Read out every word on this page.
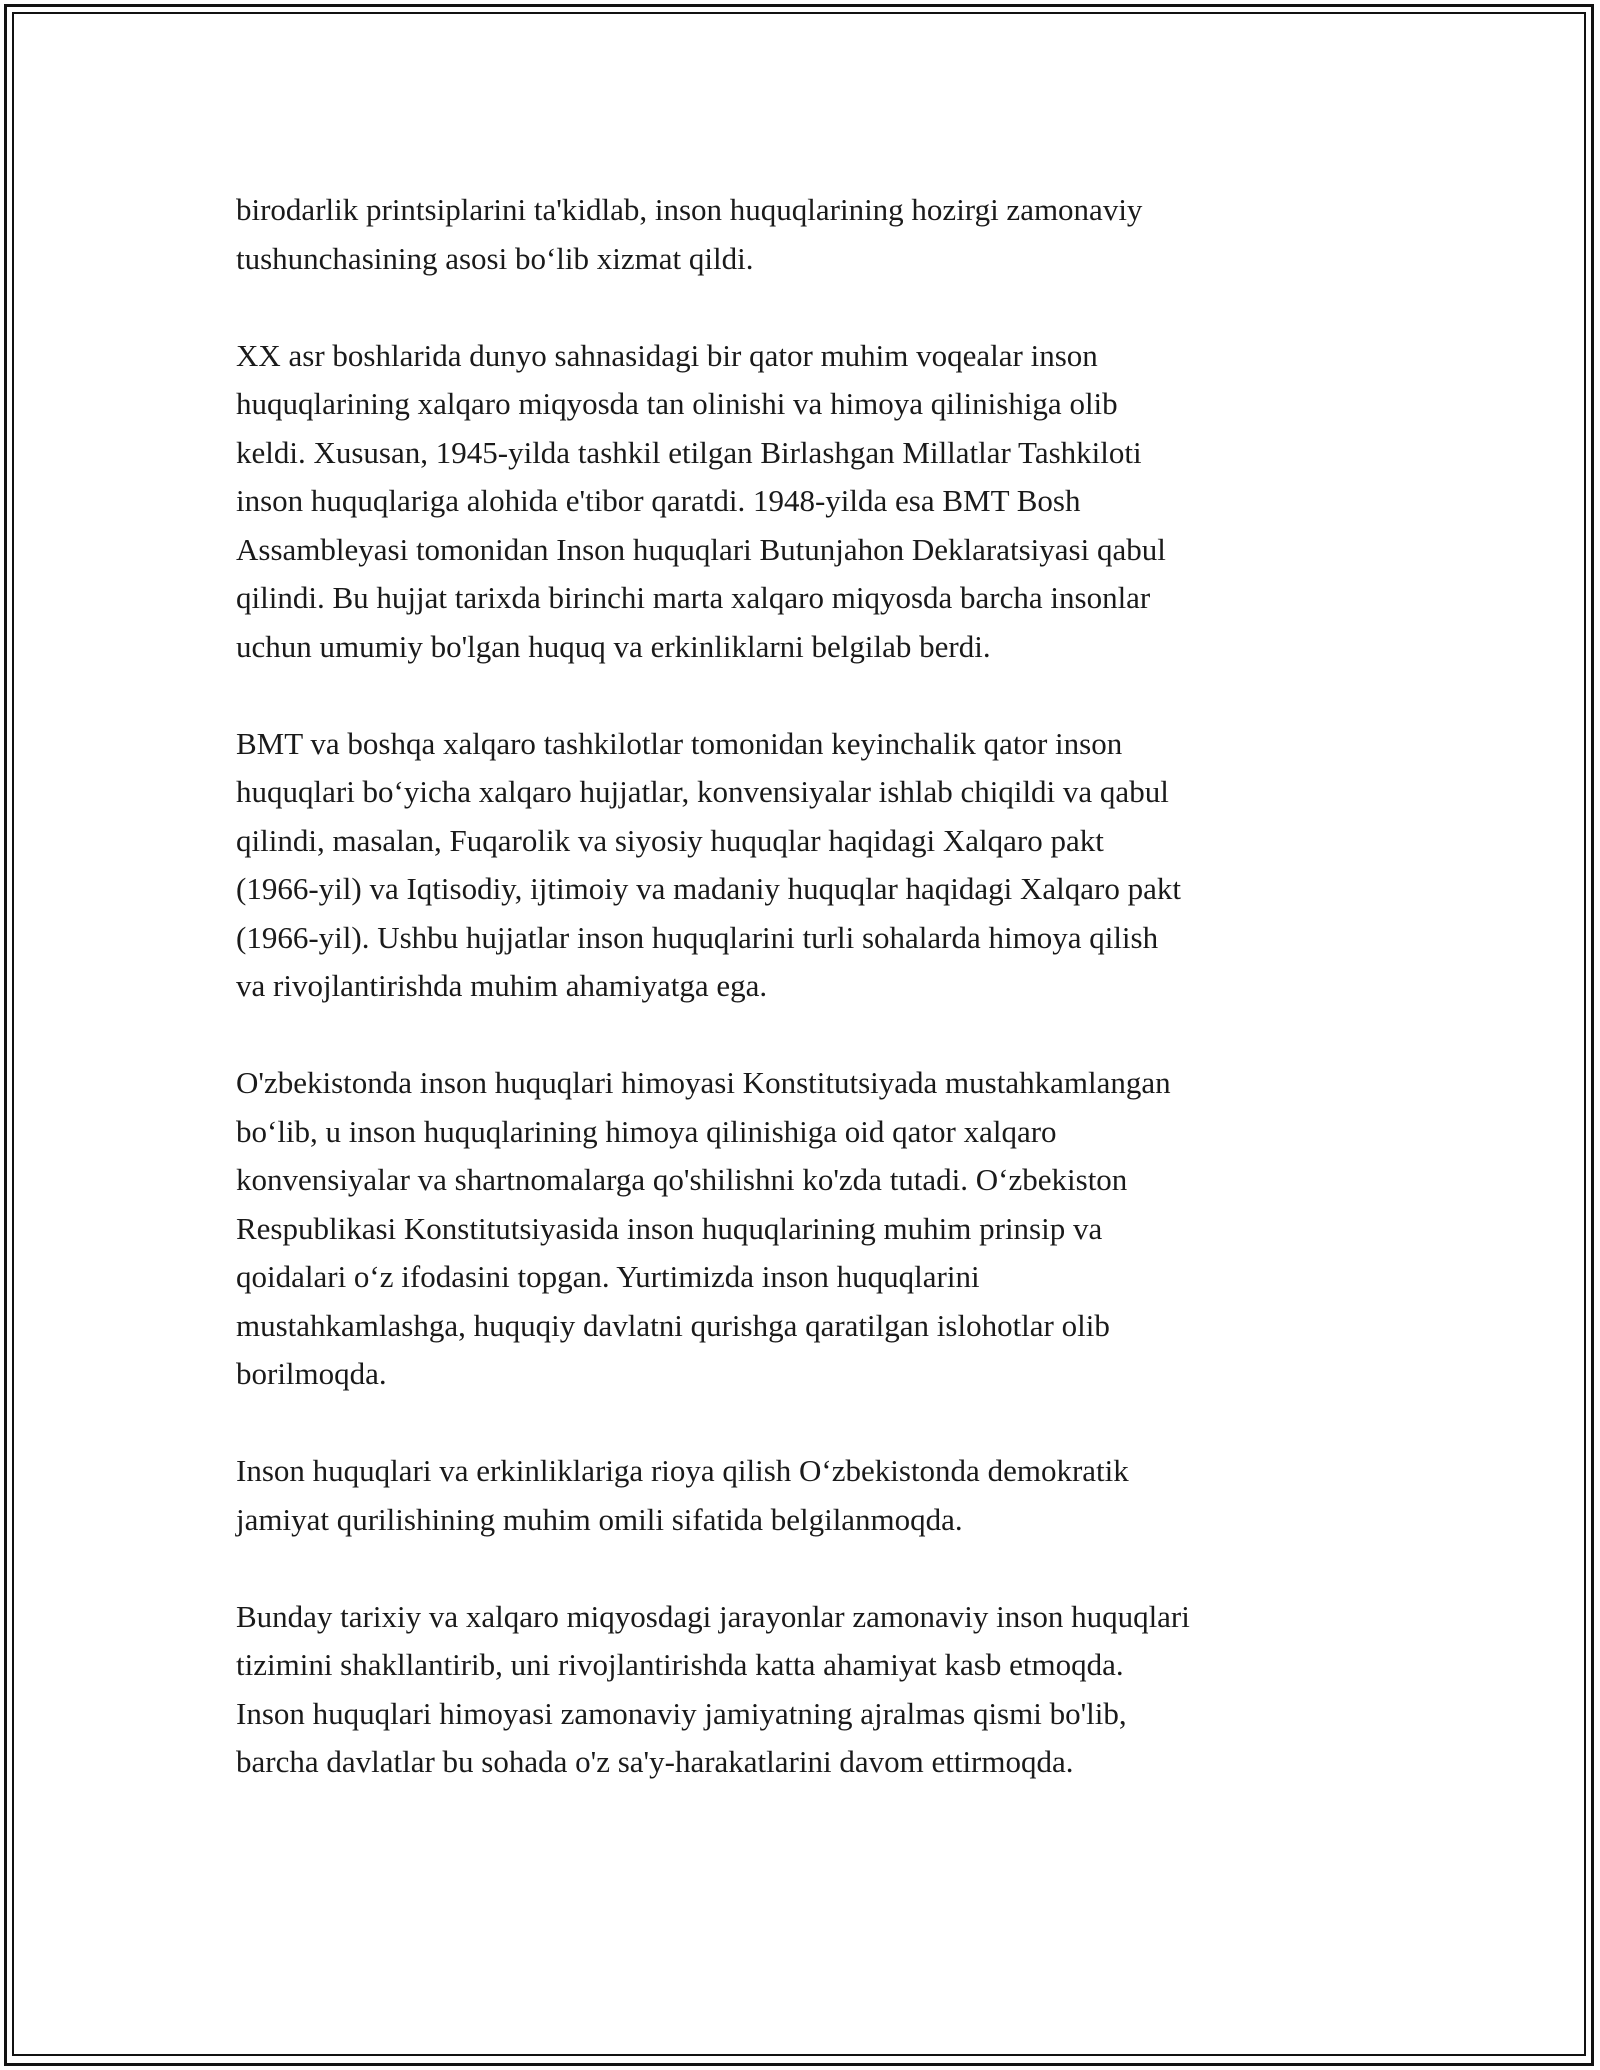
birodarlik printsiplarini ta'kidlab, inson huquqlarining hozirgi zamonaviy
tushunchasining asosi bo‘lib xizmat qildi.

XX asr boshlarida dunyo sahnasidagi bir qator muhim voqealar inson
huquqlarining xalqaro miqyosda tan olinishi va himoya qilinishiga olib
keldi. Xususan, 1945-yilda tashkil etilgan Birlashgan Millatlar Tashkiloti
inson huquqlariga alohida e'tibor qaratdi. 1948-yilda esa BMT Bosh
Assambleyasi tomonidan Inson huquqlari Butunjahon Deklaratsiyasi qabul
qilindi. Bu hujjat tarixda birinchi marta xalqaro miqyosda barcha insonlar
uchun umumiy bo'lgan huquq va erkinliklarni belgilab berdi.

BMT va boshqa xalqaro tashkilotlar tomonidan keyinchalik qator inson
huquqlari bo‘yicha xalqaro hujjatlar, konvensiyalar ishlab chiqildi va qabul
qilindi, masalan, Fuqarolik va siyosiy huquqlar haqidagi Xalqaro pakt
(1966-yil) va Iqtisodiy, ijtimoiy va madaniy huquqlar haqidagi Xalqaro pakt
(1966-yil). Ushbu hujjatlar inson huquqlarini turli sohalarda himoya qilish
va rivojlantirishda muhim ahamiyatga ega.

O'zbekistonda inson huquqlari himoyasi Konstitutsiyada mustahkamlangan
bo‘lib, u inson huquqlarining himoya qilinishiga oid qator xalqaro
konvensiyalar va shartnomalarga qo'shilishni ko'zda tutadi. O‘zbekiston
Respublikasi Konstitutsiyasida inson huquqlarining muhim prinsip va
qoidalari o‘z ifodasini topgan. Yurtimizda inson huquqlarini
mustahkamlashga, huquqiy davlatni qurishga qaratilgan islohotlar olib
borilmoqda.

Inson huquqlari va erkinliklariga rioya qilish O‘zbekistonda demokratik
jamiyat qurilishining muhim omili sifatida belgilanmoqda.

Bunday tarixiy va xalqaro miqyosdagi jarayonlar zamonaviy inson huquqlari
tizimini shakllantirib, uni rivojlantirishda katta ahamiyat kasb etmoqda.
Inson huquqlari himoyasi zamonaviy jamiyatning ajralmas qismi bo'lib,
barcha davlatlar bu sohada o'z sa'y-harakatlarini davom ettirmoqda.
